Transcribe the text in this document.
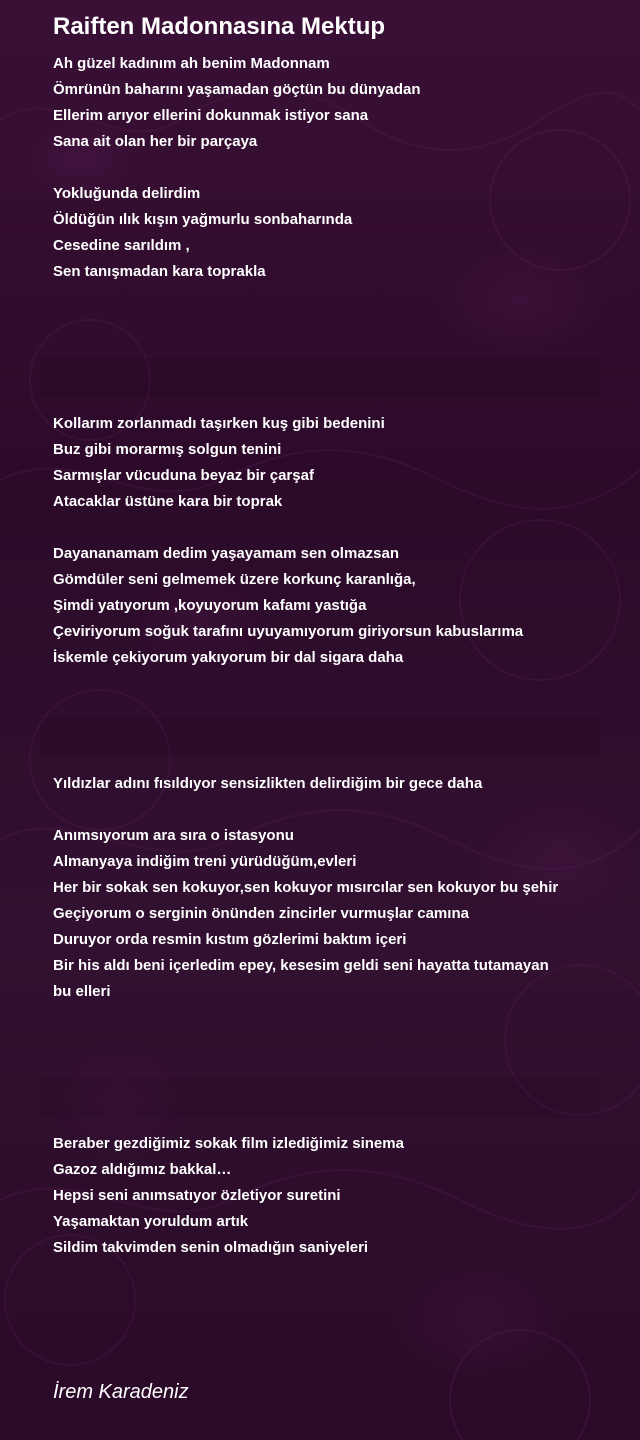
Raiften Madonnasına Mektup
Ah güzel kadınım ah benim Madonnam
Ömrünün baharını yaşamadan göçtün bu dünyadan
Ellerim arıyor ellerini dokunmak istiyor sana
Sana ait olan her bir parçaya
Yokluğunda delirdim
Öldüğün ılık kışın yağmurlu sonbaharında
Cesedine sarıldım ,
Sen tanışmadan kara toprakla
Kollarım zorlanmadı taşırken kuş gibi bedenini
Buz gibi morarmış solgun tenini
Sarmışlar vücuduna beyaz bir çarşaf
Atacaklar üstüne kara bir toprak
Dayananamam dedim yaşayamam sen olmazsan
Gömdüler seni gelmemek üzere korkunç karanlığa,
Şimdi yatıyorum ,koyuyorum kafamı yastığa
Çeviriyorum soğuk tarafını uyuyamıyorum giriyorsun kabuslarıma
İskemle çekiyorum yakıyorum bir dal sigara daha
Yıldızlar adını fısıldıyor sensizlikten delirdiğim bir gece daha
Anımsıyorum ara sıra o istasyonu
Almanyaya indiğim treni yürüdüğüm,evleri
Her bir sokak sen kokuyor,sen kokuyor mısırcılar sen kokuyor bu şehir
Geçiyorum o serginin önünden zincirler vurmuşlar camına
Duruyor orda resmin kıstım gözlerimi baktım içeri
Bir his aldı beni içerledim epey, kesesim geldi seni hayatta tutamayan
bu elleri
Beraber gezdiğimiz sokak film izlediğimiz sinema
Gazoz aldığımız bakkal…
Hepsi seni anımsatıyor özletiyor suretini
Yaşamaktan yoruldum artık
Sildim takvimden senin olmadığın saniyeleri
İrem Karadeniz
